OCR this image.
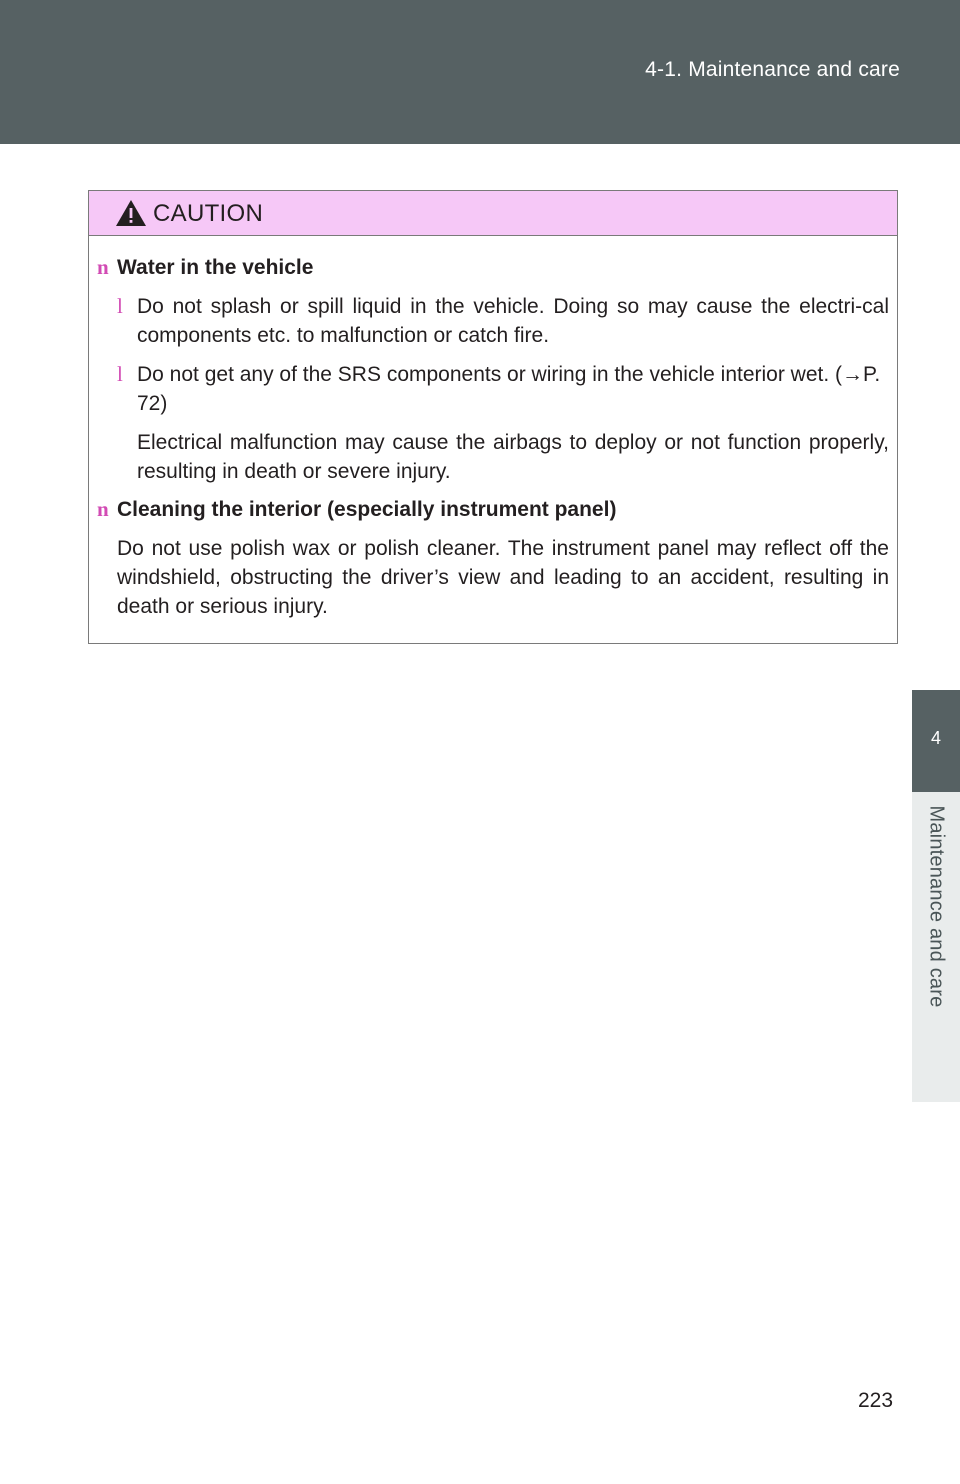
4-1. Maintenance and care
4
Maintenance and care
CAUTION
n Water in the vehicle
l Do not splash or spill liquid in the vehicle. Doing so may cause the electri-cal components etc. to malfunction or catch fire.
l Do not get any of the SRS components or wiring in the vehicle interior wet. (→P. 72)
Electrical malfunction may cause the airbags to deploy or not function properly, resulting in death or severe injury.
n Cleaning the interior (especially instrument panel)
Do not use polish wax or polish cleaner. The instrument panel may reflect off the windshield, obstructing the driver’s view and leading to an accident, resulting in death or serious injury.
223
